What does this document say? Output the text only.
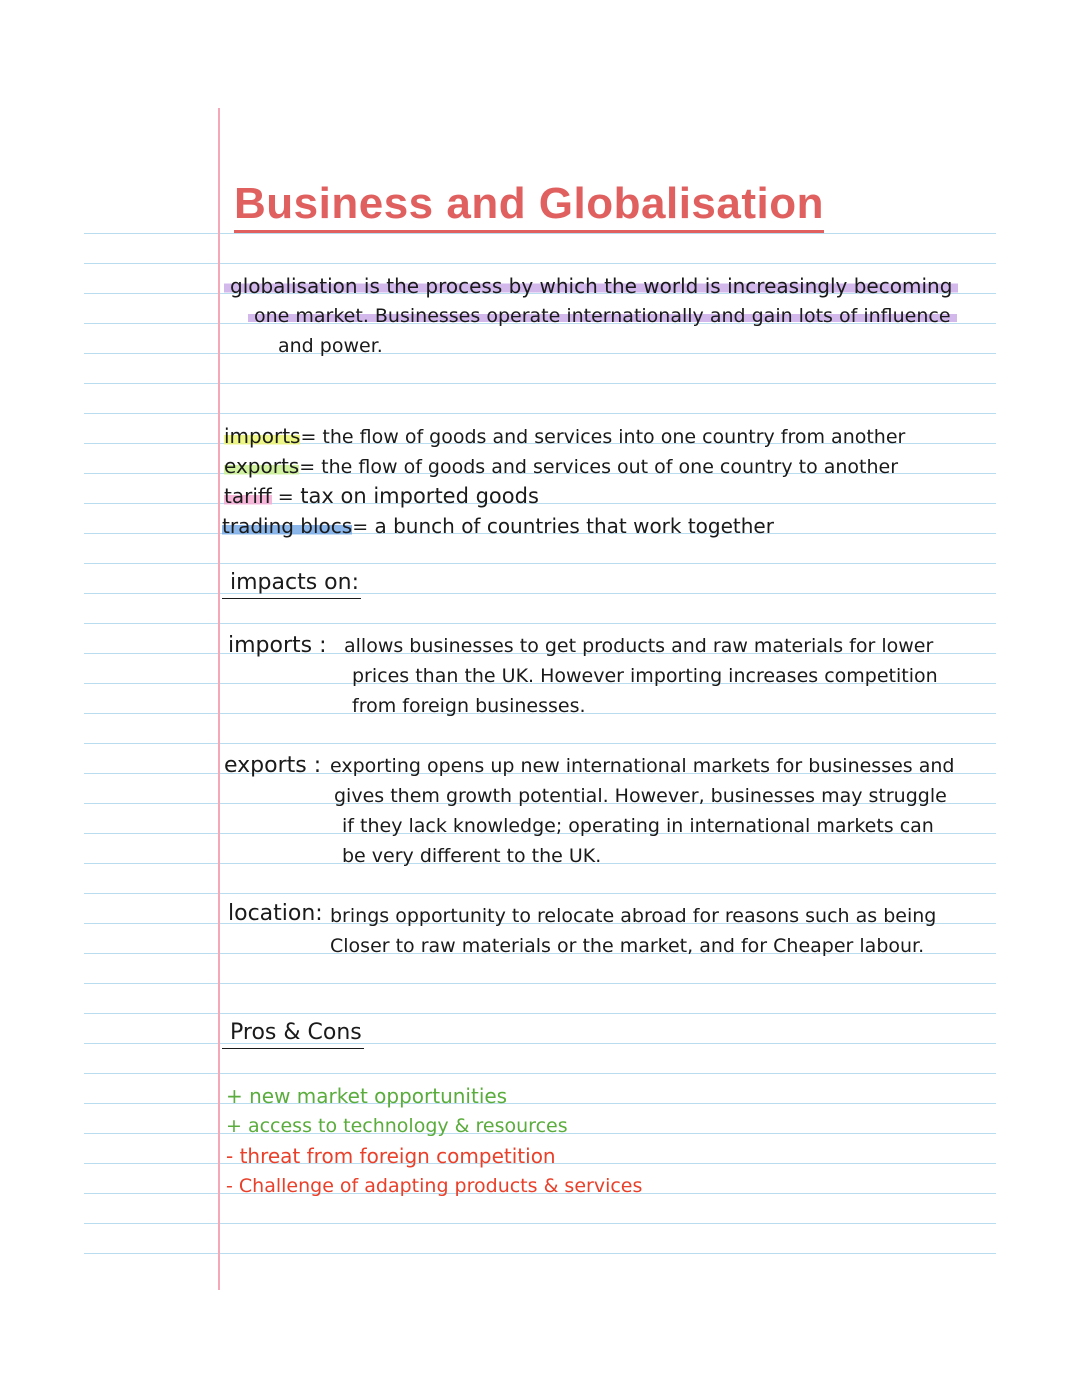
Business and Globalisation
globalisation is the process by which the world is increasingly becoming
one market. Businesses operate internationally and gain lots of influence
and power.
imports= the flow of goods and services into one country from another
exports= the flow of goods and services out of one country to another
tariff = tax on imported goods
trading blocs= a bunch of countries that work together
impacts on:
imports : allows businesses to get products and raw materials for lower
prices than the UK. However importing increases competition
from foreign businesses.
exports : exporting opens up new international markets for businesses and
gives them growth potential. However, businesses may struggle
if they lack knowledge; operating in international markets can
be very different to the UK.
location: brings opportunity to relocate abroad for reasons such as being
Closer to raw materials or the market, and for Cheaper labour.
Pros & Cons
+ new market opportunities
+ access to technology & resources
- threat from foreign competition
- Challenge of adapting products & services
